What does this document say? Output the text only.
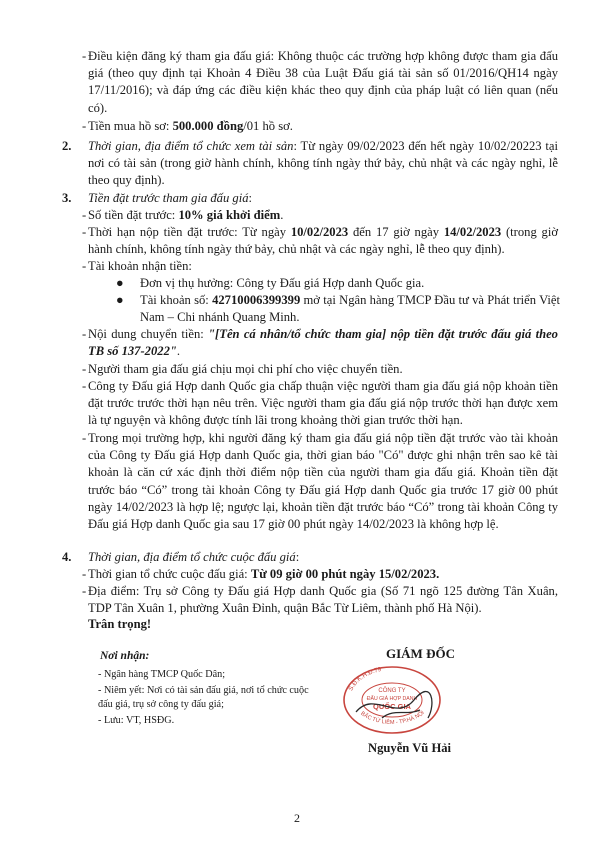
- Điều kiện đăng ký tham gia đấu giá: Không thuộc các trường hợp không được tham gia đấu giá (theo quy định tại Khoản 4 Điều 38 của Luật Đấu giá tài sản số 01/2016/QH14 ngày 17/11/2016); và đáp ứng các điều kiện khác theo quy định của pháp luật có liên quan (nếu có).
- Tiền mua hồ sơ: 500.000 đồng/01 hồ sơ.
2. Thời gian, địa điểm tổ chức xem tài sản: Từ ngày 09/02/2023 đến hết ngày 10/02/20223 tại nơi có tài sản (trong giờ hành chính, không tính ngày thứ bảy, chủ nhật và các ngày nghỉ, lễ theo quy định).
3. Tiền đặt trước tham gia đấu giá:
- Số tiền đặt trước: 10% giá khởi điểm.
- Thời hạn nộp tiền đặt trước: Từ ngày 10/02/2023 đến 17 giờ ngày 14/02/2023 (trong giờ hành chính, không tính ngày thứ bảy, chủ nhật và các ngày nghỉ, lễ theo quy định).
- Tài khoản nhận tiền:
● Đơn vị thụ hưởng: Công ty Đấu giá Hợp danh Quốc gia.
● Tài khoản số: 42710006399399 mở tại Ngân hàng TMCP Đầu tư và Phát triển Việt Nam – Chi nhánh Quang Minh.
- Nội dung chuyển tiền: "[Tên cá nhân/tổ chức tham gia] nộp tiền đặt trước đấu giá theo TB số 137-2022".
- Người tham gia đấu giá chịu mọi chi phí cho việc chuyển tiền.
- Công ty Đấu giá Hợp danh Quốc gia chấp thuận việc người tham gia đấu giá nộp khoản tiền đặt trước trước thời hạn nêu trên. Việc người tham gia đấu giá nộp trước thời hạn được xem là tự nguyện và không được tính lãi trong khoảng thời gian trước thời hạn.
- Trong mọi trường hợp, khi người đăng ký tham gia đấu giá nộp tiền đặt trước vào tài khoản của Công ty Đấu giá Hợp danh Quốc gia, thời gian báo "Có" được ghi nhận trên sao kê tài khoản là căn cứ xác định thời điểm nộp tiền của người tham gia đấu giá. Khoản tiền đặt trước báo “Có” trong tài khoản Công ty Đấu giá Hợp danh Quốc gia trước 17 giờ 00 phút ngày 14/02/2023 là hợp lệ; ngược lại, khoản tiền đặt trước báo “Có” trong tài khoản Công ty Đấu giá Hợp danh Quốc gia sau 17 giờ 00 phút ngày 14/02/2023 là không hợp lệ.
4. Thời gian, địa điểm tổ chức cuộc đấu giá:
- Thời gian tổ chức cuộc đấu giá: Từ 09 giờ 00 phút ngày 15/02/2023.
- Địa điểm: Trụ sở Công ty Đấu giá Hợp danh Quốc gia (Số 71 ngõ 125 đường Tân Xuân, TDP Tân Xuân 1, phường Xuân Đỉnh, quận Bắc Từ Liêm, thành phố Hà Nội).
Trân trọng!
Nơi nhận:
- Ngân hàng TMCP Quốc Dân;
- Niêm yết: Nơi có tài sản đấu giá, nơi tổ chức cuộc đấu giá, trụ sở công ty đấu giá;
- Lưu: VT, HSĐG.
GIÁM ĐỐC
S.Đ.K.H.Đ:79
BẮC TỪ LIÊM - TP.HÀ NỘI
CÔNG TY
ĐẤU GIÁ HỢP DANH
QUỐC GIA
Nguyễn Vũ Hải
2
